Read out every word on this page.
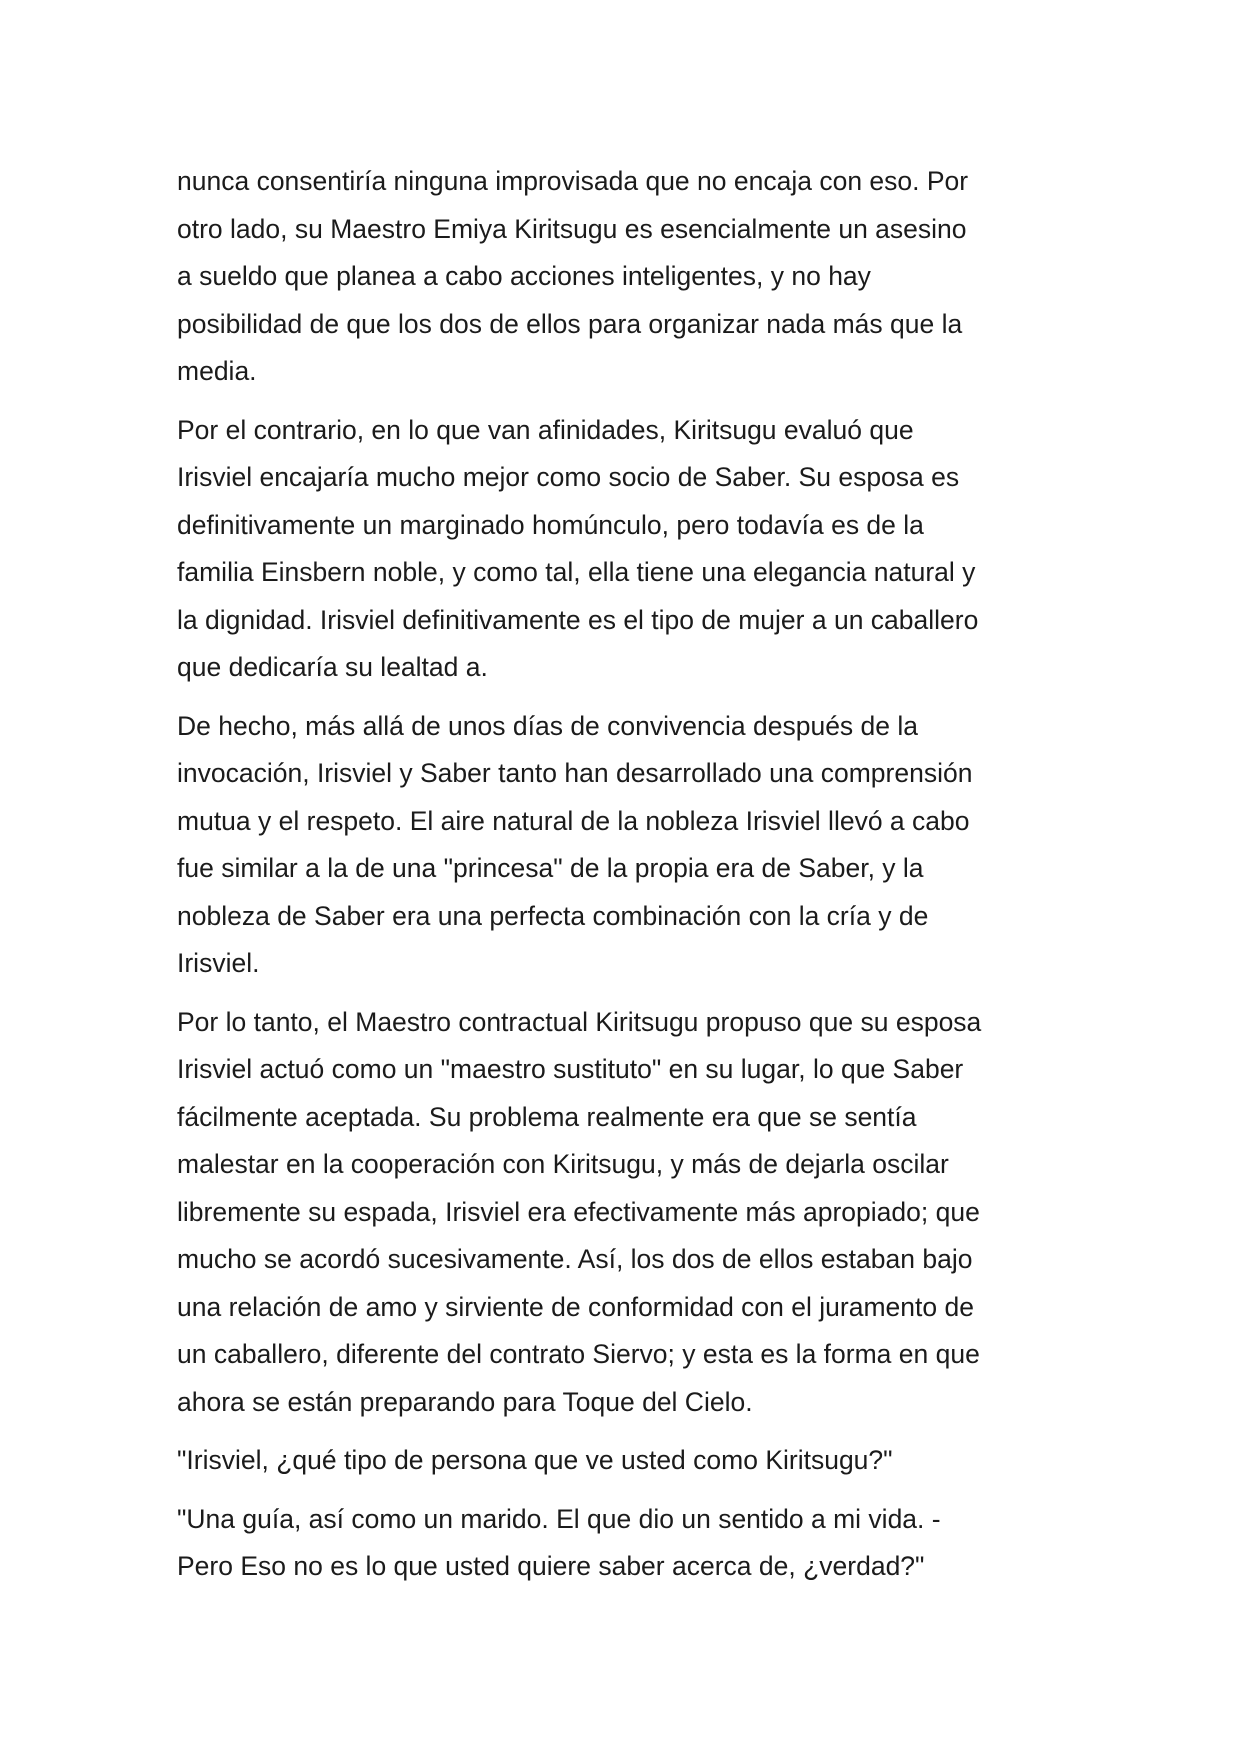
nunca consentiría ninguna improvisada que no encaja con eso. Por
otro lado, su Maestro Emiya Kiritsugu es esencialmente un asesino
a sueldo que planea a cabo acciones inteligentes, y no hay
posibilidad de que los dos de ellos para organizar nada más que la
media.
Por el contrario, en lo que van afinidades, Kiritsugu evaluó que
Irisviel encajaría mucho mejor como socio de Saber. Su esposa es
definitivamente un marginado homúnculo, pero todavía es de la
familia Einsbern noble, y como tal, ella tiene una elegancia natural y
la dignidad. Irisviel definitivamente es el tipo de mujer a un caballero
que dedicaría su lealtad a.
De hecho, más allá de unos días de convivencia después de la
invocación, Irisviel y Saber tanto han desarrollado una comprensión
mutua y el respeto. El aire natural de la nobleza Irisviel llevó a cabo
fue similar a la de una "princesa" de la propia era de Saber, y la
nobleza de Saber era una perfecta combinación con la cría y de
Irisviel.
Por lo tanto, el Maestro contractual Kiritsugu propuso que su esposa
Irisviel actuó como un "maestro sustituto" en su lugar, lo que Saber
fácilmente aceptada. Su problema realmente era que se sentía
malestar en la cooperación con Kiritsugu, y más de dejarla oscilar
libremente su espada, Irisviel era efectivamente más apropiado; que
mucho se acordó sucesivamente. Así, los dos de ellos estaban bajo
una relación de amo y sirviente de conformidad con el juramento de
un caballero, diferente del contrato Siervo; y esta es la forma en que
ahora se están preparando para Toque del Cielo.
"Irisviel, ¿qué tipo de persona que ve usted como Kiritsugu?"
"Una guía, así como un marido. El que dio un sentido a mi vida. -
Pero Eso no es lo que usted quiere saber acerca de, ¿verdad?"
